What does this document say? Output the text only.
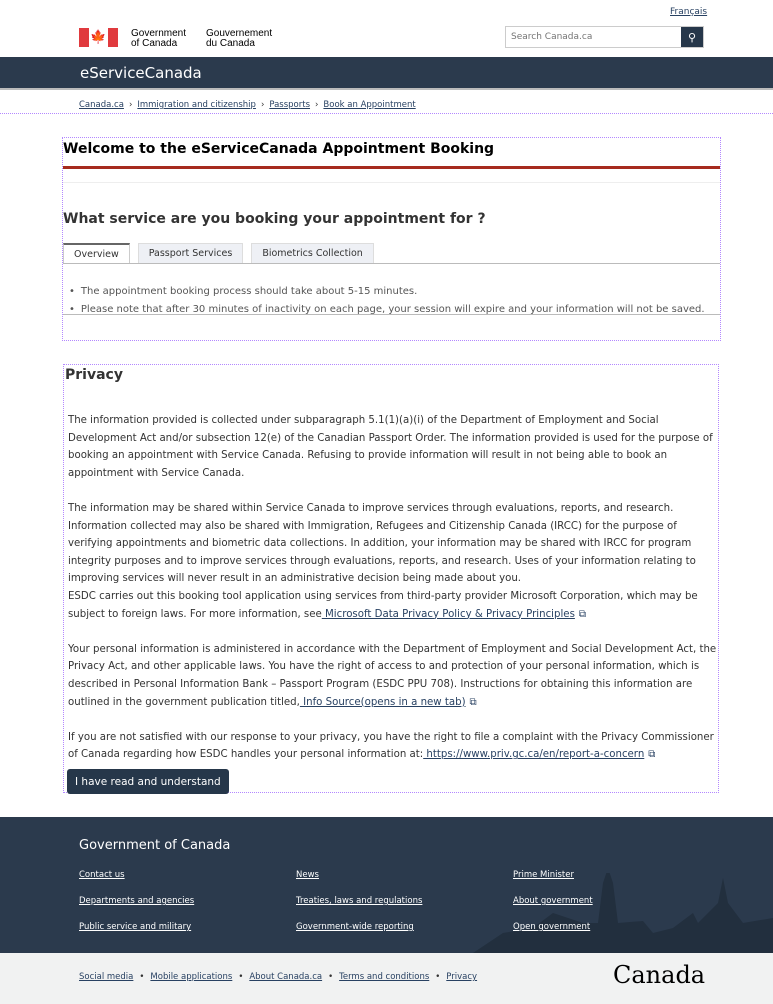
Français
🍁 Government
of Canada
Gouvernement
du Canada
Search Canada.ca	⚲
eServiceCanada
Canada.ca › Immigration and citizenship › Passports › Book an Appointment
Welcome to the eServiceCanada Appointment Booking
What service are you booking your appointment for ?
Overview	Passport Services	Biometrics Collection
• The appointment booking process should take about 5-15 minutes.
• Please note that after 30 minutes of inactivity on each page, your session will expire and your information will not be saved.
Privacy

The information provided is collected under subparagraph 5.1(1)(a)(i) of the Department of Employment and Social Development Act and/or subsection 12(e) of the Canadian Passport Order. The information provided is used for the purpose of booking an appointment with Service Canada. Refusing to provide information will result in not being able to book an appointment with Service Canada.

The information may be shared within Service Canada to improve services through evaluations, reports, and research. Information collected may also be shared with Immigration, Refugees and Citizenship Canada (IRCC) for the purpose of verifying appointments and biometric data collections. In addition, your information may be shared with IRCC for program integrity purposes and to improve services through evaluations, reports, and research. Uses of your information relating to improving services will never result in an administrative decision being made about you.

ESDC carries out this booking tool application using services from third-party provider Microsoft Corporation, which may be subject to foreign laws. For more information, see Microsoft Data Privacy Policy & Privacy Principles ⧉

Your personal information is administered in accordance with the Department of Employment and Social Development Act, the Privacy Act, and other applicable laws. You have the right of access to and protection of your personal information, which is described in Personal Information Bank – Passport Program (ESDC PPU 708). Instructions for obtaining this information are outlined in the government publication titled, Info Source(opens in a new tab) ⧉

If you are not satisfied with our response to your privacy, you have the right to file a complaint with the Privacy Commissioner of Canada regarding how ESDC handles your personal information at: https://www.priv.gc.ca/en/report-a-concern ⧉

I have read and understand
Government of Canada
Contact us	News	Prime Minister
Departments and agencies	Treaties, laws and regulations	About government
Public service and military	Government-wide reporting	Open government
Social media • Mobile applications • About Canada.ca • Terms and conditions • Privacy	Canada
